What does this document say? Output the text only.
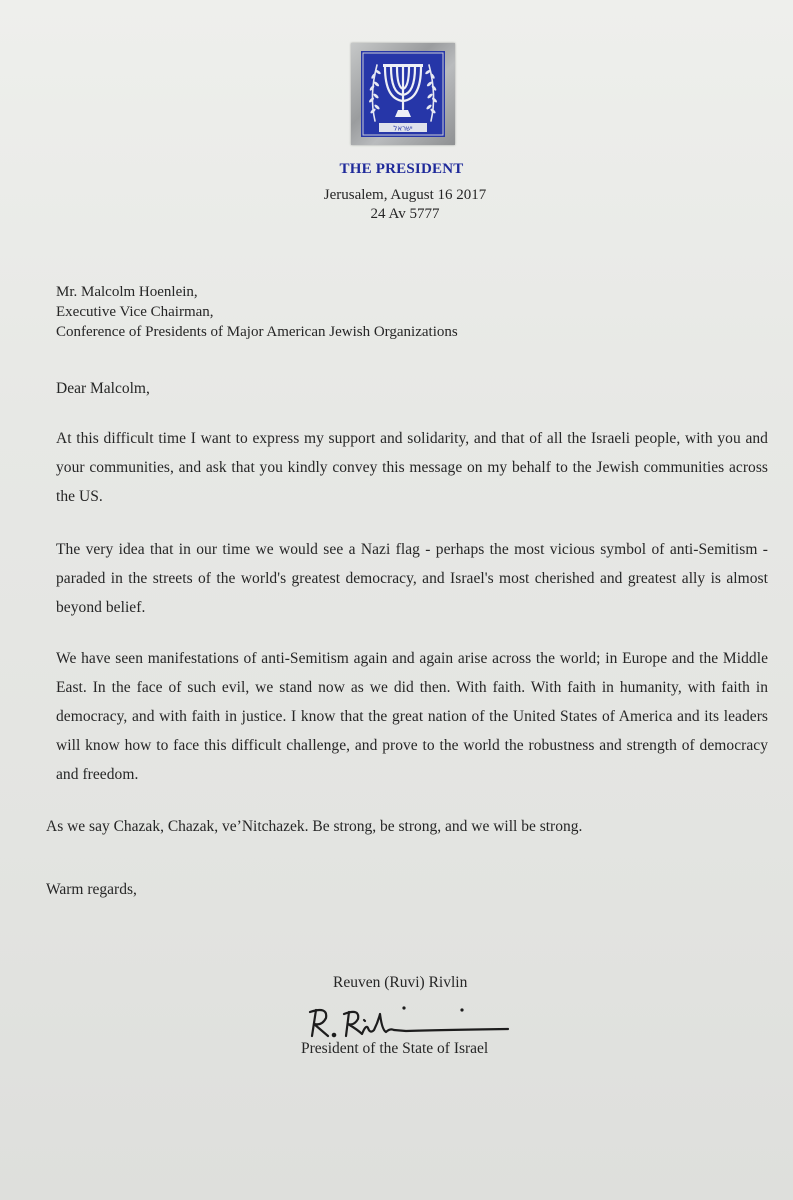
ישראל
THE PRESIDENT
Jerusalem, August 16 2017
24 Av 5777
Mr. Malcolm Hoenlein,
Executive Vice Chairman,
Conference of Presidents of Major American Jewish Organizations
Dear Malcolm,
At this difficult time I want to express my support and solidarity, and that of all the Israeli people, with you and your communities, and ask that you kindly convey this message on my behalf to the Jewish communities across the US.
The very idea that in our time we would see a Nazi flag - perhaps the most vicious symbol of anti-Semitism - paraded in the streets of the world's greatest democracy, and Israel's most cherished and greatest ally is almost beyond belief.
We have seen manifestations of anti-Semitism again and again arise across the world; in Europe and the Middle East. In the face of such evil, we stand now as we did then. With faith. With faith in humanity, with faith in democracy, and with faith in justice. I know that the great nation of the United States of America and its leaders will know how to face this difficult challenge, and prove to the world the robustness and strength of democracy and freedom.
As we say Chazak, Chazak, ve’Nitchazek. Be strong, be strong, and we will be strong.
Warm regards,
Reuven (Ruvi) Rivlin
President of the State of Israel
